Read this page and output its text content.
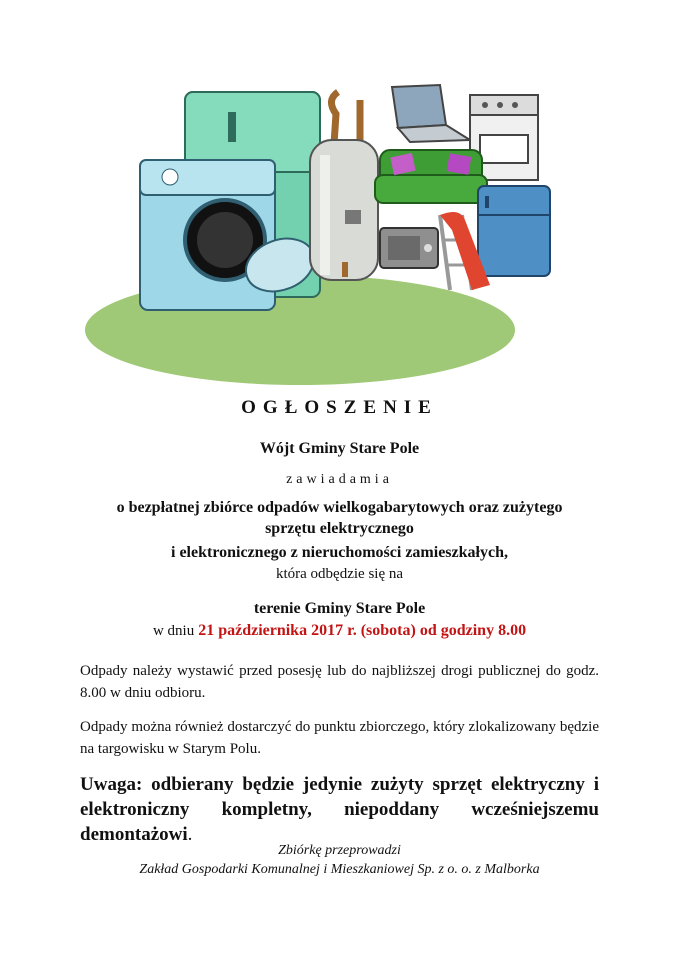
OGŁOSZENIE
Wójt Gminy Stare Pole
zawiadamia
o bezpłatnej zbiórce odpadów wielkogabarytowych oraz zużytego
sprzętu elektrycznego
i elektronicznego z nieruchomości zamieszkałych,
która odbędzie się na
terenie Gminy Stare Pole
w dniu 21 października 2017 r. (sobota) od godziny 8.00
Odpady należy wystawić przed posesję lub do najbliższej drogi publicznej do godz. 8.00 w dniu odbioru.
Odpady można również dostarczyć do punktu zbiorczego, który zlokalizowany będzie na targowisku w Starym Polu.
Uwaga: odbierany będzie jedynie zużyty sprzęt elektryczny i elektroniczny kompletny, niepoddany wcześniejszemu demontażowi.
Zbiórkę przeprowadzi
Zakład Gospodarki Komunalnej i Mieszkaniowej Sp. z o. o. z Malborka
